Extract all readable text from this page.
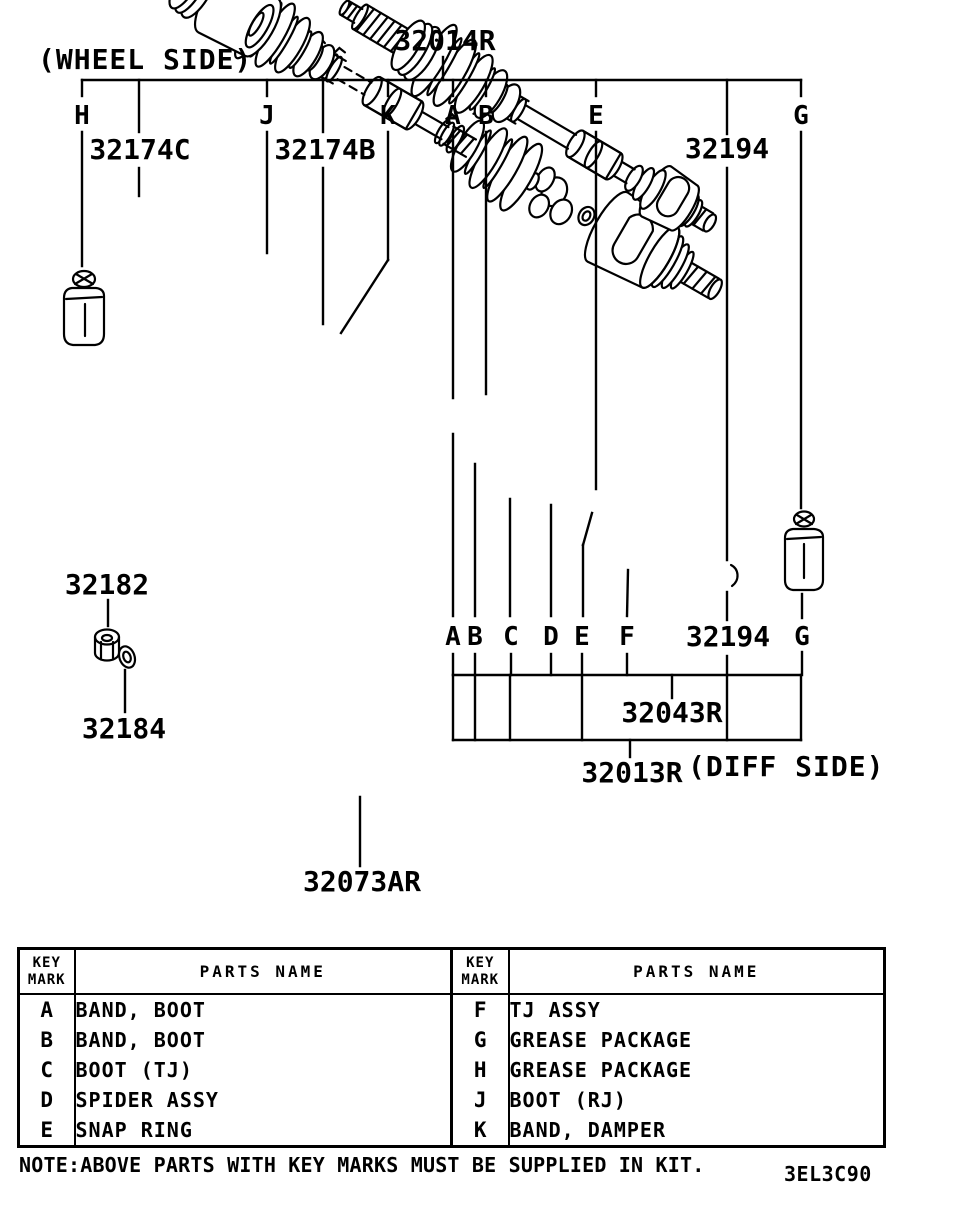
(WHEEL SIDE)
32014R
32174C	32174B	32194
H	J	K A B	E	G
A B C D E F	G
32194
32182
32184	32043R
32013R (DIFF SIDE)
32073AR
KEY
MARK	PARTS NAME	KEY
MARK	PARTS NAME
A	BAND, BOOT	F	TJ ASSY
B	BAND, BOOT	G	GREASE PACKAGE
C	BOOT (TJ)	H	GREASE PACKAGE
D	SPIDER ASSY	J	BOOT (RJ)
E	SNAP RING	K	BAND, DAMPER
NOTE:ABOVE PARTS WITH KEY MARKS MUST BE SUPPLIED IN KIT.	3EL3C90
